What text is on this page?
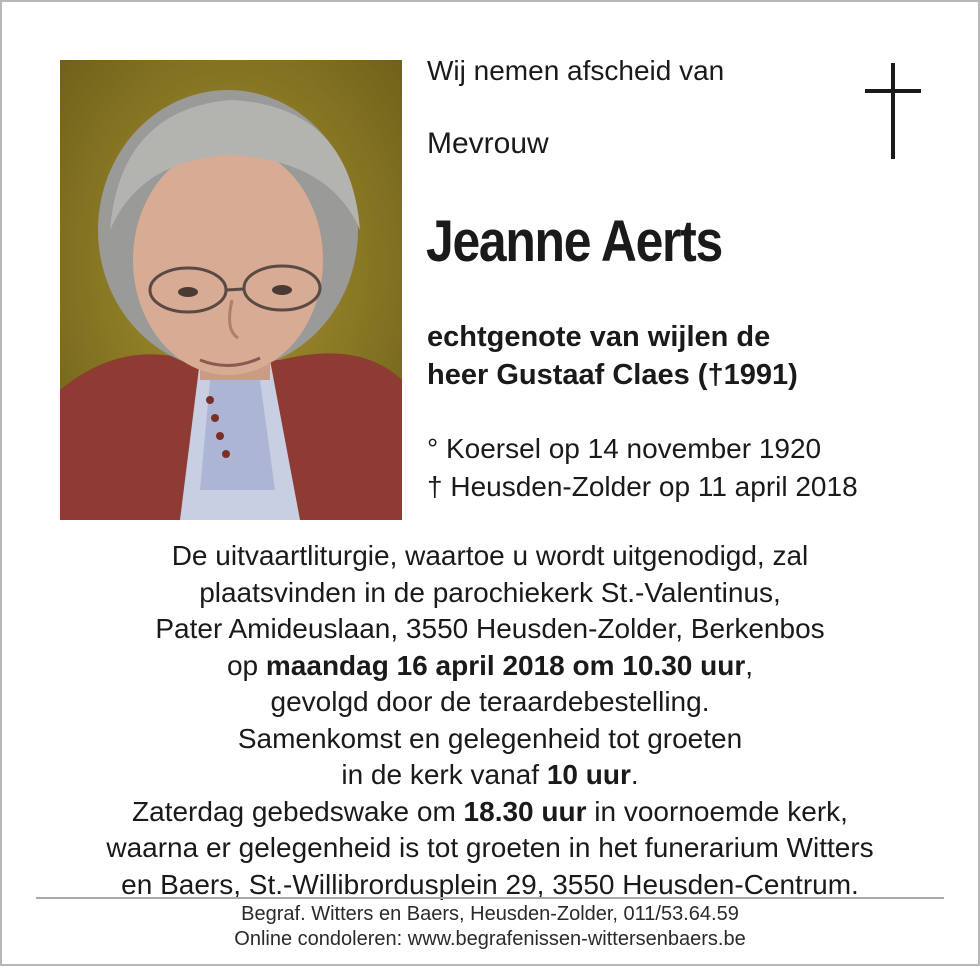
Wij nemen afscheid van
Mevrouw
Jeanne Aerts
echtgenote van wijlen de
heer Gustaaf Claes (†1991)
° Koersel op 14 november 1920
† Heusden-Zolder op 11 april 2018
De uitvaartliturgie, waartoe u wordt uitgenodigd, zal
plaatsvinden in de parochiekerk St.-Valentinus,
Pater Amideuslaan, 3550 Heusden-Zolder, Berkenbos
op maandag 16 april 2018 om 10.30 uur,
gevolgd door de teraardebestelling.
Samenkomst en gelegenheid tot groeten
in de kerk vanaf 10 uur.
Zaterdag gebedswake om 18.30 uur in voornoemde kerk,
waarna er gelegenheid is tot groeten in het funerarium Witters
en Baers, St.-Willibrordusplein 29, 3550 Heusden-Centrum.
Begraf. Witters en Baers, Heusden-Zolder, 011/53.64.59
Online condoleren: www.begrafenissen-wittersenbaers.be
